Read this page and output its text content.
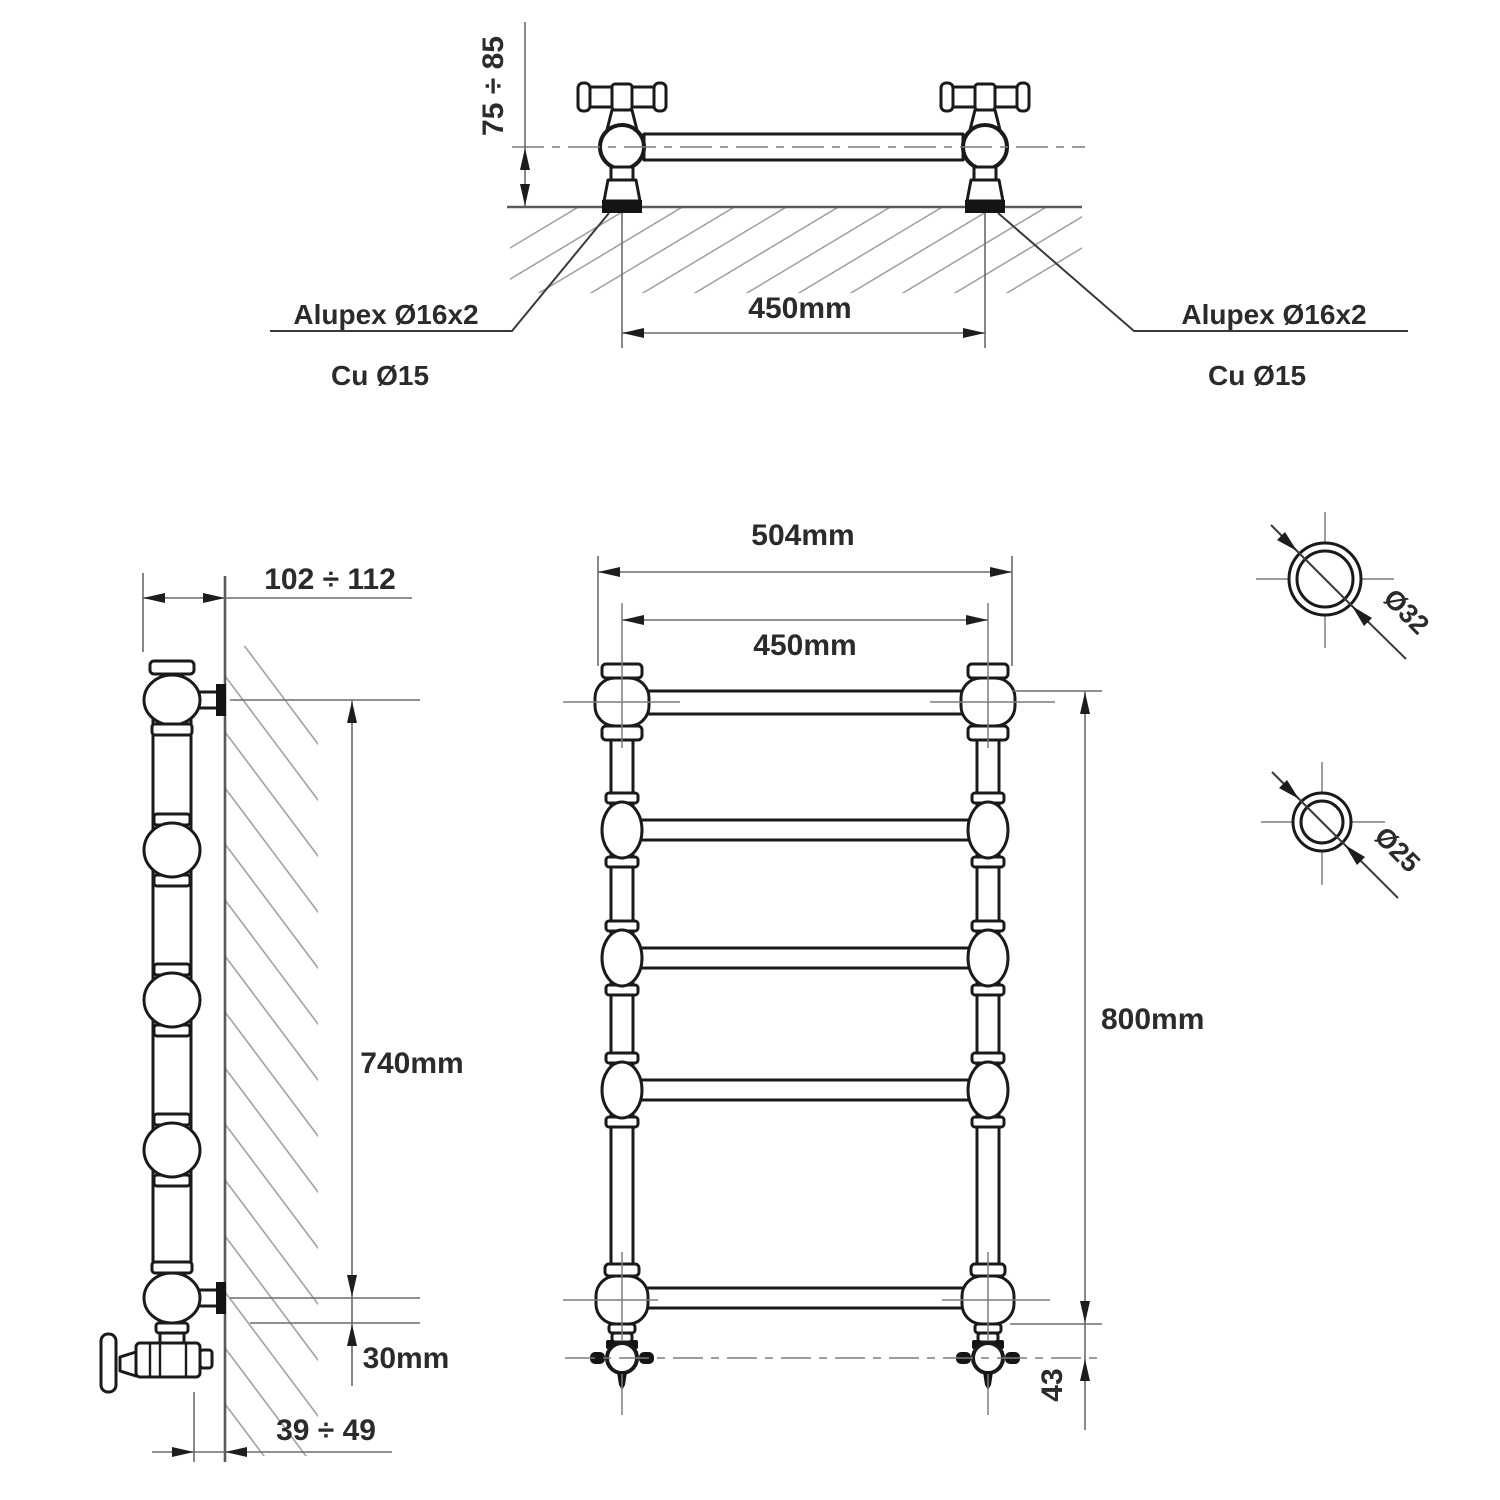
75 ÷ 85
450mm
Alupex Ø16x2
Cu Ø15
Alupex Ø16x2
Cu Ø15
102 ÷ 112
740mm
30mm
39 ÷ 49
504mm
450mm
800mm
43
Ø32
Ø25
